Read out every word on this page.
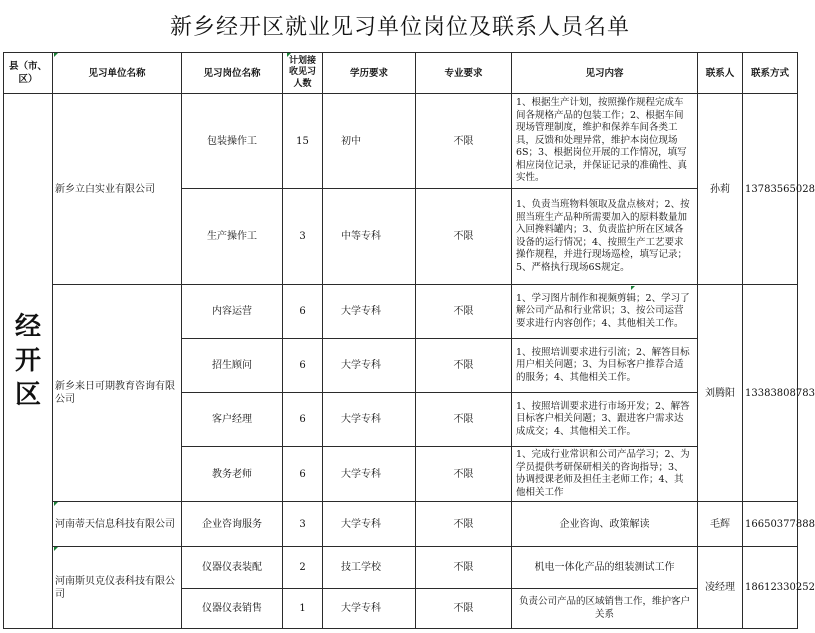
新乡经开区就业见习单位岗位及联系人员名单
县（市、区）	见习单位名称	见习岗位名称	计划接收见习人数	学历要求	专业要求	见习内容	联系人	联系方式

经
开
区	新乡立白实业有限公司	包装操作工	15	初中	不限	1、根据生产计划，按照操作规程完成车间各规格产品的包装工作；2、根据车间现场管理制度，维护和保养车间各类工具，反馈和处理异常，维护本岗位现场6S；3、根据岗位开展的工作情况，填写相应岗位记录，并保证记录的准确性、真实性。	孙莉	13783565028
		生产操作工	3	中等专科	不限	1、负责当班物料领取及盘点核对；2、按照当班生产品种所需要加入的原料数量加入回搀料罐内；3、负责监护所在区域各设备的运行情况；4、按照生产工艺要求操作规程，并进行现场巡检，填写记录；5、严格执行现场6S规定。		
	新乡来日可期教育咨询有限公司	内容运营	6	大学专科	不限	1、学习图片制作和视频剪辑；2、学习了解公司产品和行业常识；3、按公司运营要求进行内容创作；4、其他相关工作。	刘腾阳	13383808783
		招生顾问	6	大学专科	不限	1、按照培训要求进行引流；2、解答目标用户相关问题；3、为目标客户推荐合适的服务；4、其他相关工作。		
		客户经理	6	大学专科	不限	1、按照培训要求进行市场开发；2、解答目标客户相关问题；3、跟进客户需求达成成交；4、其他相关工作。		
		教务老师	6	大学专科	不限	1、完成行业常识和公司产品学习；2、为学员提供考研保研相关的咨询指导；3、协调授课老师及担任主老师工作；4、其他相关工作		
	河南蒂天信息科技有限公司	企业咨询服务	3	大学专科	不限	企业咨询、政策解读	毛辉	16650377888
	河南斯贝克仪表科技有限公司	仪器仪表装配	2	技工学校	不限	机电一体化产品的组装测试工作	凌经理	18612330252
		仪器仪表销售	1	大学专科	不限	负责公司产品的区域销售工作，维护客户关系		
